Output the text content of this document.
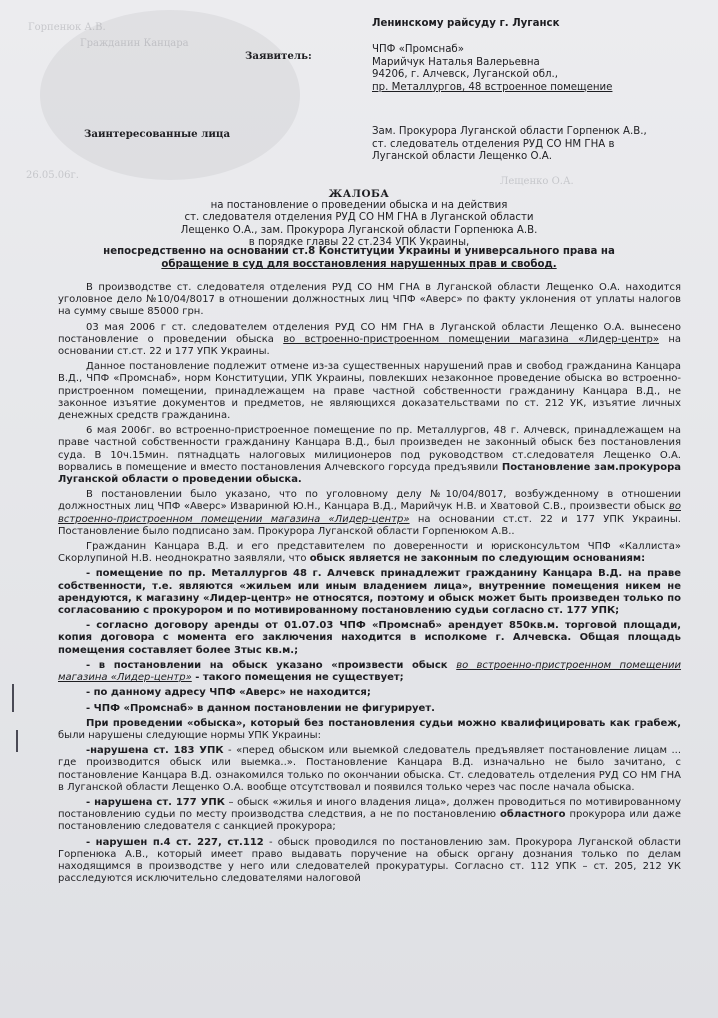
Горпенюк А.В.
Гражданин Канцара
26.05.06г.
Лещенко О.А.
Ленинскому райсуду г. Луганск
Заявитель:
ЧПФ «Промснаб»
Марийчук Наталья Валерьевна
94206, г. Алчевск, Луганской обл.,
пр. Металлургов, 48 встроенное помещение
Заинтересованные лица	Зам. Прокурора Луганской области Горпенюк А.В.,
ст. следователь отделения РУД СО НМ ГНА в
Луганской области Лещенко О.А.
ЖАЛОБА
на постановление о проведении обыска и на действия
ст. следователя отделения РУД СО НМ ГНА в Луганской области
Лещенко О.А., зам. Прокурора Луганской области Горпенюка А.В.
в порядке главы 22 ст.234 УПК Украины,
непосредственно на основании ст.8 Конституции Украины и универсального права на
обращение в суд для восстановления нарушенных прав и свобод.

В производстве ст. следователя отделения РУД СО НМ ГНА в Луганской области Лещенко О.А. находится уголовное дело №10/04/8017 в отношении должностных лиц ЧПФ «Аверс» по факту уклонения от уплаты налогов на сумму свыше 85000 грн.

03 мая 2006 г ст. следователем отделения РУД СО НМ ГНА в Луганской области Лещенко О.А. вынесено постановление о проведении обыска во встроенно-пристроенном помещении магазина «Лидер-центр» на основании ст.ст. 22 и 177 УПК Украины.

Данное постановление подлежит отмене из-за существенных нарушений прав и свобод гражданина Канцара В.Д., ЧПФ «Промснаб», норм Конституции, УПК Украины, повлекших незаконное проведение обыска во встроенно-пристроенном помещении, принадлежащем на праве частной собственности гражданину Канцара В.Д., не законное изъятие документов и предметов, не являющихся доказательствами по ст. 212 УК, изъятие личных денежных средств гражданина.

6 мая 2006г. во встроенно-пристроенное помещение по пр. Металлургов, 48 г. Алчевск, принадлежащем на праве частной собственности гражданину Канцара В.Д., был произведен не законный обыск без постановления суда. В 10ч.15мин. пятнадцать налоговых милиционеров под руководством ст.следователя Лещенко О.А. ворвались в помещение и вместо постановления Алчевского горсуда предъявили Постановление зам.прокурора Луганской области о проведении обыска.

В постановлении было указано, что по уголовному делу №10/04/8017, возбужденному в отношении должностных лиц ЧПФ «Аверс» Изваринюй Ю.Н., Канцара В.Д., Марийчук Н.В. и Хватовой С.В., произвести обыск во встроенно-пристроенном помещении магазина «Лидер-центр» на основании ст.ст. 22 и 177 УПК Украины. Постановление было подписано зам. Прокурора Луганской области Горпенюком А.В..

Гражданин Канцара В.Д. и его представителем по доверенности и юрисконсультом ЧПФ «Каллиста» Скорлупиной Н.В. неоднократно заявляли, что обыск является не законным по следующим основаниям:

- помещение по пр. Металлургов 48 г. Алчевск принадлежит гражданину Канцара В.Д. на праве собственности, т.е. являются «жильем или иным владением лица», внутренние помещения никем не арендуются, к магазину «Лидер-центр» не относятся, поэтому и обыск может быть произведен только по согласованию с прокурором и по мотивированному постановлению судьи согласно ст. 177 УПК;

- согласно договору аренды от 01.07.03 ЧПФ «Промснаб» арендует 850кв.м. торговой площади, копия договора с момента его заключения находится в исполкоме г. Алчевска. Общая площадь помещения составляет более 3тыс кв.м.;

- в постановлении на обыск указано «произвести обыск во встроенно-пристроенном помещении магазина «Лидер-центр» - такого помещения не существует;

- по данному адресу ЧПФ «Аверс» не находится;

- ЧПФ «Промснаб» в данном постановлении не фигурирует.

При проведении «обыска», который без постановления судьи можно квалифицировать как грабеж, были нарушены следующие нормы УПК Украины:

-нарушена ст. 183 УПК - «перед обыском или выемкой следователь предъявляет постановление лицам ... где производится обыск или выемка..». Постановление Канцара В.Д. изначально не было зачитано, с постановление Канцара В.Д. ознакомился только по окончании обыска. Ст. следователь отделения РУД СО НМ ГНА в Луганской области Лещенко О.А. вообще отсутствовал и появился только через час после начала обыска.

- нарушена ст. 177 УПК – обыск «жилья и иного владения лица», должен проводиться по мотивированному постановлению судьи по месту производства следствия, а не по постановлению областного прокурора или даже постановлению следователя с санкцией прокурора;

- нарушен п.4 ст. 227, ст.112 - обыск проводился по постановлению зам. Прокурора Луганской области Горпенюка А.В., который имеет право выдавать поручение на обыск органу дознания только по делам находящимся в производстве у него или следователей прокуратуры. Согласно ст. 112 УПК – ст. 205, 212 УК расследуются исключительно следователями налоговой
